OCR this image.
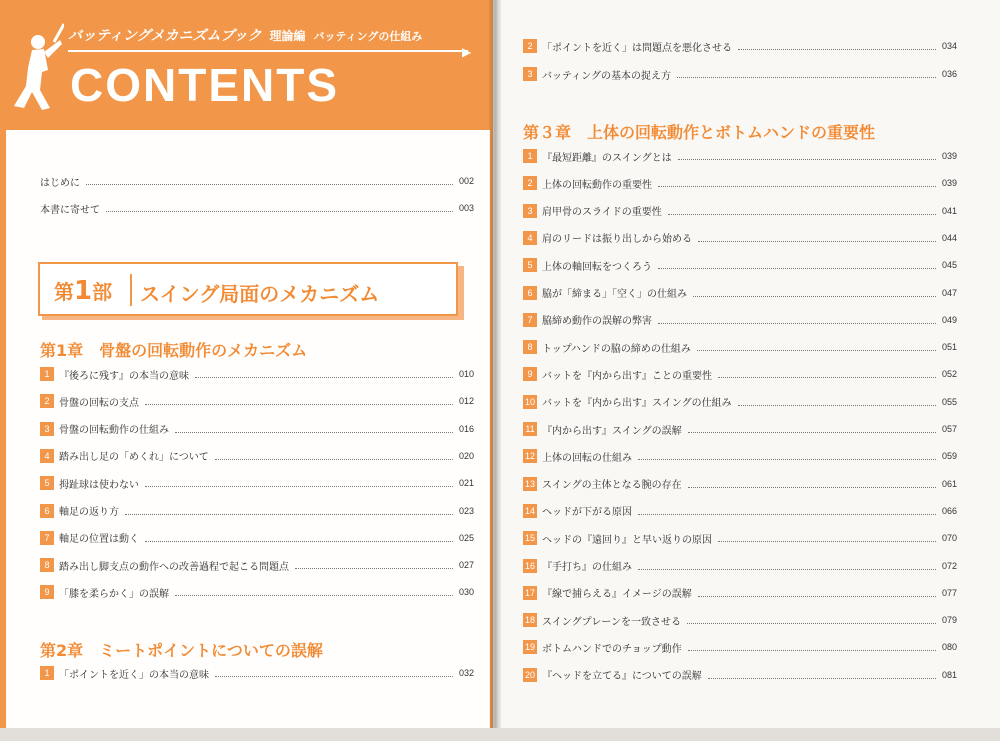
バッティングメカニズムブック 理論編 バッティングの仕組み
▶
CONTENTS
はじめに	002
本書に寄せて	003
第1部 スイング局面のメカニズム
第1章　骨盤の回転動作のメカニズム
第2章　ミートポイントについての誤解
第３章　上体の回転動作とボトムハンドの重要性
1 『後ろに残す』の本当の意味	010
2 骨盤の回転の支点	012
3 骨盤の回転動作の仕組み	016
4 踏み出し足の「めくれ」について	020
5 拇趾球は使わない	021
6 軸足の返り方	023
7 軸足の位置は動く	025
8 踏み出し脚支点の動作への改善過程で起こる問題点	027
9 「膝を柔らかく」の誤解	030
1 「ポイントを近く」の本当の意味	032
2 「ポイントを近く」は問題点を悪化させる	034
3 バッティングの基本の捉え方	036
1 『最短距離』のスイングとは	039
2 上体の回転動作の重要性	039
3 肩甲骨のスライドの重要性	041
4 肩のリードは振り出しから始める	044
5 上体の軸回転をつくろう	045
6 脇が「締まる」「空く」の仕組み	047
7 脇締め動作の誤解の弊害	049
8 トップハンドの脇の締めの仕組み	051
9 バットを『内から出す』ことの重要性	052
10 バットを『内から出す』スイングの仕組み	055
11 『内から出す』スイングの誤解	057
12 上体の回転の仕組み	059
13 スイングの主体となる腕の存在	061
14 ヘッドが下がる原因	066
15 ヘッドの『遠回り』と早い返りの原因	070
16 『手打ち』の仕組み	072
17 『線で捕らえる』イメージの誤解	077
18 スイングプレーンを一致させる	079
19 ボトムハンドでのチョップ動作	080
20 『ヘッドを立てる』についての誤解	081
